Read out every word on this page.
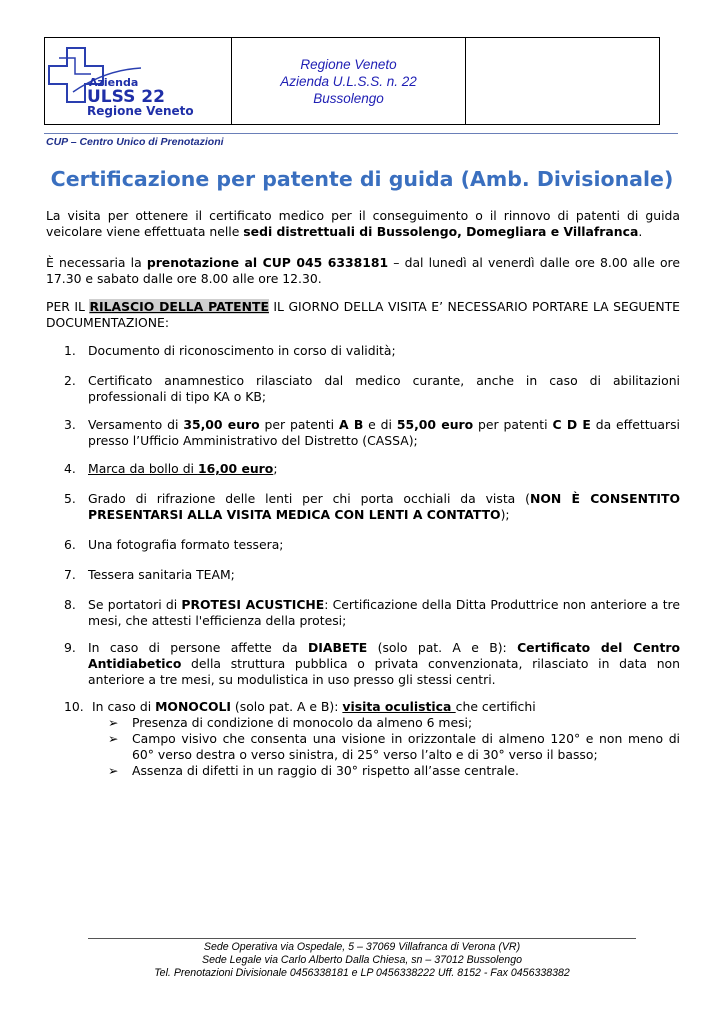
Azienda
ULSS 22
Regione Veneto
Regione Veneto
Azienda U.L.S.S. n. 22
Bussolengo
CUP – Centro Unico di Prenotazioni
Certificazione per patente di guida (Amb. Divisionale)
La visita per ottenere il certificato medico per il conseguimento o il rinnovo di patenti di guida veicolare viene effettuata nelle sedi distrettuali di Bussolengo, Domegliara e Villafranca.
È necessaria la prenotazione al CUP 045 6338181 – dal lunedì al venerdì dalle ore 8.00 alle ore 17.30 e sabato dalle ore 8.00 alle ore 12.30.
PER IL RILASCIO DELLA PATENTE IL GIORNO DELLA VISITA E’ NECESSARIO PORTARE LA SEGUENTE DOCUMENTAZIONE:
1. Documento di riconoscimento in corso di validità;
2. Certificato anamnestico rilasciato dal medico curante, anche in caso di abilitazioni professionali di tipo KA o KB;
3. Versamento di 35,00 euro per patenti A B e di 55,00 euro per patenti C D E da effettuarsi presso l’Ufficio Amministrativo del Distretto (CASSA);
4. Marca da bollo di 16,00 euro;
5. Grado di rifrazione delle lenti per chi porta occhiali da vista (NON È CONSENTITO PRESENTARSI ALLA VISITA MEDICA CON LENTI A CONTATTO);
6. Una fotografia formato tessera;
7. Tessera sanitaria TEAM;
8. Se portatori di PROTESI ACUSTICHE: Certificazione della Ditta Produttrice non anteriore a tre mesi, che attesti l'efficienza della protesi;
9. In caso di persone affette da DIABETE (solo pat. A e B): Certificato del Centro Antidiabetico della struttura pubblica o privata convenzionata, rilasciato in data non anteriore a tre mesi, su modulistica in uso presso gli stessi centri.
10. In caso di MONOCOLI (solo pat. A e B): visita oculistica che certifichi
➢ Presenza di condizione di monocolo da almeno 6 mesi;
➢ Campo visivo che consenta una visione in orizzontale di almeno 120° e non meno di 60° verso destra o verso sinistra, di 25° verso l’alto e di 30° verso il basso;
➢ Assenza di difetti in un raggio di 30° rispetto all’asse centrale.
Sede Operativa via Ospedale, 5 – 37069 Villafranca di Verona (VR)
Sede Legale via Carlo Alberto Dalla Chiesa, sn – 37012 Bussolengo
Tel. Prenotazioni Divisionale 0456338181 e LP 0456338222 Uff. 8152 - Fax 0456338382
